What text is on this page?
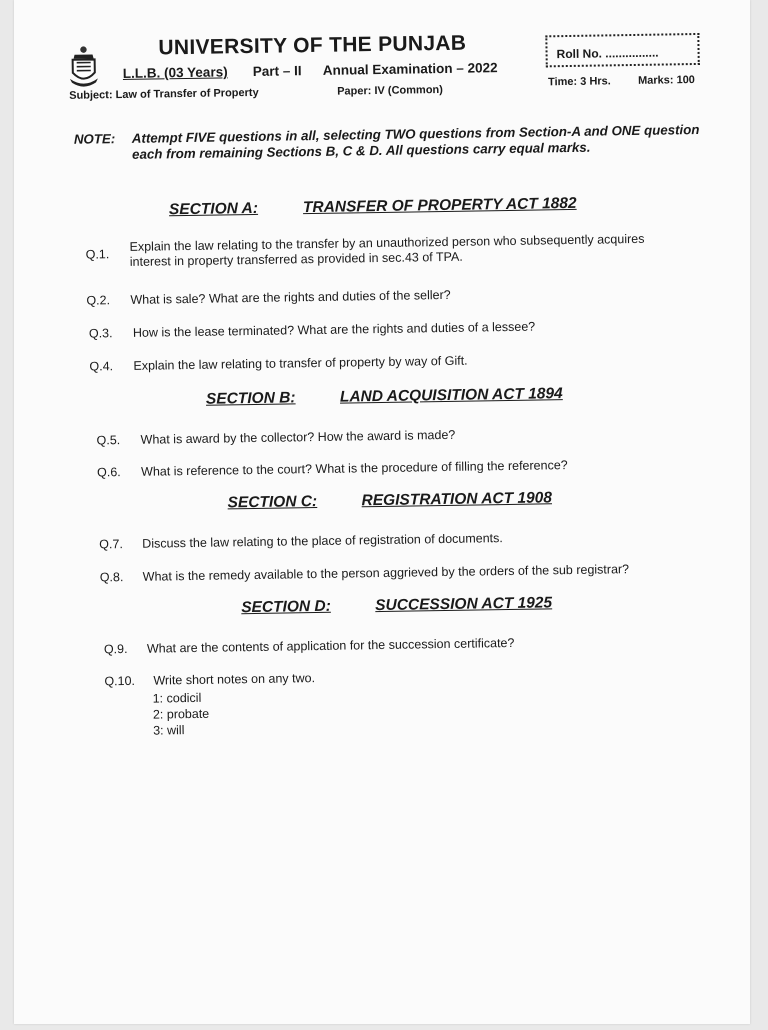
UNIVERSITY OF THE PUNJAB
L.L.B. (03 Years) Part – II Annual Examination – 2022
Subject: Law of Transfer of Property	Paper: IV (Common)
Roll No. ................
Time: 3 Hrs. Marks: 100
NOTE: Attempt FIVE questions in all, selecting TWO questions from Section-A and ONE question each from remaining Sections B, C & D. All questions carry equal marks.
SECTION A:	TRANSFER OF PROPERTY ACT 1882
Q.1.
Explain the law relating to the transfer by an unauthorized person who subsequently acquires interest in property transferred as provided in sec.43 of TPA.
Q.2. What is sale? What are the rights and duties of the seller?
Q.3. How is the lease terminated? What are the rights and duties of a lessee?
Q.4. Explain the law relating to transfer of property by way of Gift.
SECTION B:	LAND ACQUISITION ACT 1894
Q.5. What is award by the collector? How the award is made?
Q.6. What is reference to the court? What is the procedure of filling the reference?
SECTION C:	REGISTRATION ACT 1908
Q.7. Discuss the law relating to the place of registration of documents.
Q.8. What is the remedy available to the person aggrieved by the orders of the sub registrar?
SECTION D:	SUCCESSION ACT 1925
Q.9. What are the contents of application for the succession certificate?
Q.10. Write short notes on any two.
1: codicil
2: probate
3: will
